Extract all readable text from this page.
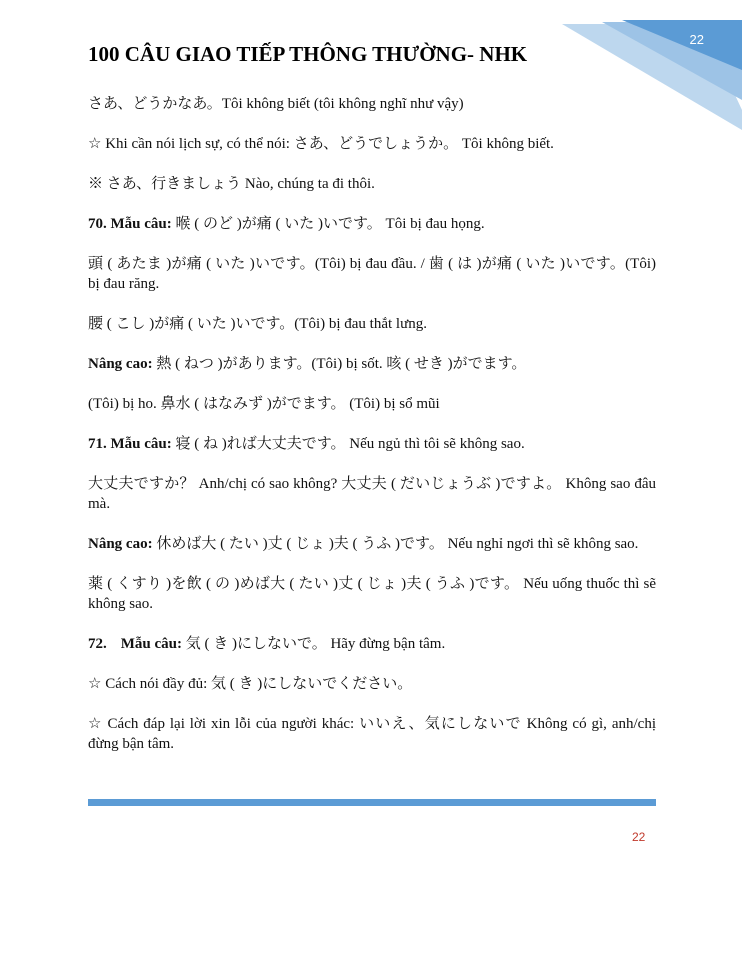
22
100 CÂU GIAO TIẾP THÔNG THƯỜNG- NHK

さあ、どうかなあ。Tôi không biết (tôi không nghĩ như vậy)

☆ Khi cần nói lịch sự, có thể nói: さあ、どうでしょうか。 Tôi không biết.

※ さあ、行きましょう Nào, chúng ta đi thôi.

70. Mẫu câu: 喉 ( のど )が痛 ( いた )いです。 Tôi bị đau họng.

頭 ( あたま )が痛 ( いた )いです。(Tôi) bị đau đầu. / 歯 ( は )が痛 ( いた )いです。(Tôi) bị đau răng.

腰 ( こし )が痛 ( いた )いです。(Tôi) bị đau thắt lưng.

Nâng cao: 熱 ( ねつ )があります。(Tôi) bị sốt. 咳 ( せき )がでます。

(Tôi) bị ho. 鼻水 ( はなみず )がでます。 (Tôi) bị sổ mũi

71. Mẫu câu: 寝 ( ね )れば大丈夫です。 Nếu ngủ thì tôi sẽ không sao.

大丈夫ですか？ Anh/chị có sao không? 大丈夫 ( だいじょうぶ )ですよ。 Không sao đâu mà.

Nâng cao: 休めば大 ( たい )丈 ( じょ )夫 ( うふ )です。 Nếu nghỉ ngơi thì sẽ không sao.

薬 ( くすり )を飲 ( の )めば大 ( たい )丈 ( じょ )夫 ( うふ )です。 Nếu uống thuốc thì sẽ không sao.

72. Mẫu câu: 気 ( き )にしないで。 Hãy đừng bận tâm.

☆ Cách nói đầy đủ: 気 ( き )にしないでください。

☆ Cách đáp lại lời xin lỗi của người khác: いいえ、気にしないで Không có gì, anh/chị đừng bận tâm.

22
